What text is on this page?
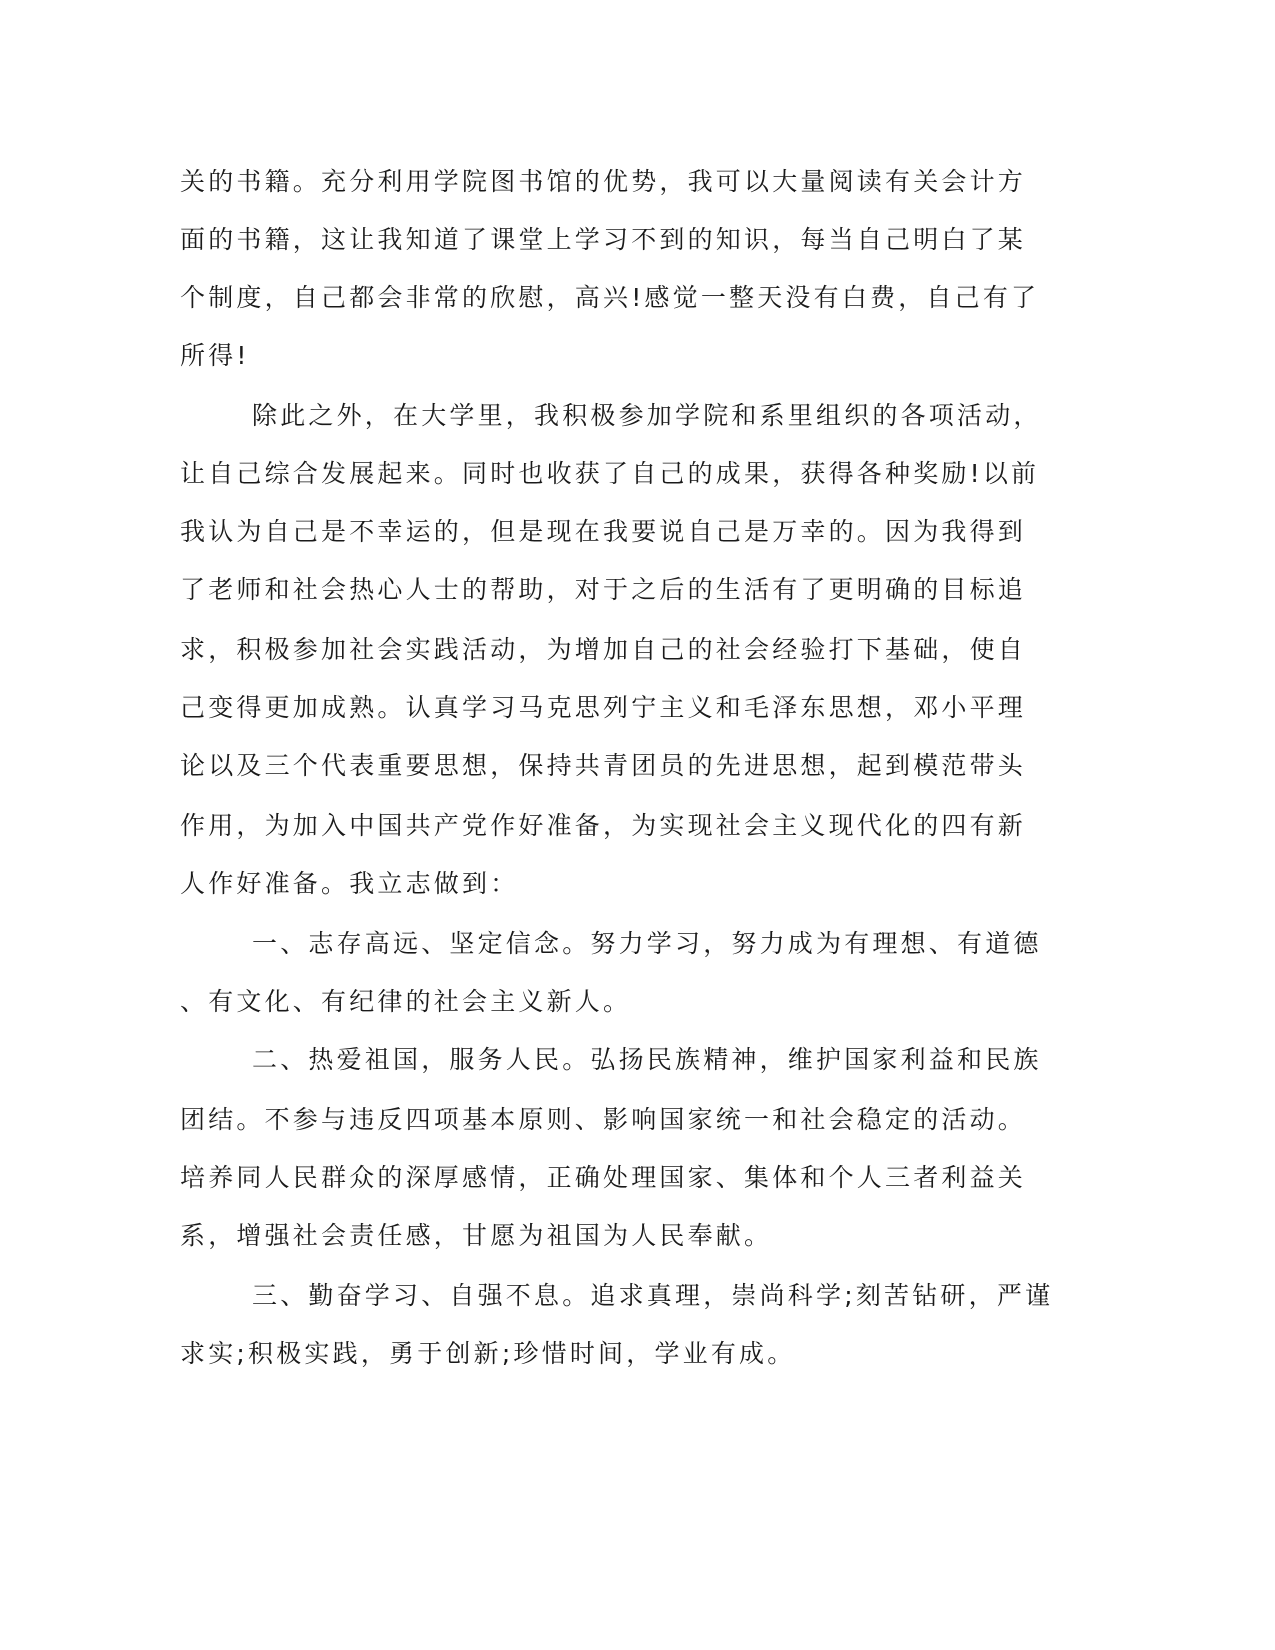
关的书籍。充分利用学院图书馆的优势，我可以大量阅读有关会计方
面的书籍，这让我知道了课堂上学习不到的知识，每当自己明白了某
个制度，自己都会非常的欣慰，高兴!感觉一整天没有白费，自己有了
所得!
除此之外，在大学里，我积极参加学院和系里组织的各项活动，
让自己综合发展起来。同时也收获了自己的成果，获得各种奖励!以前
我认为自己是不幸运的，但是现在我要说自己是万幸的。因为我得到
了老师和社会热心人士的帮助，对于之后的生活有了更明确的目标追
求，积极参加社会实践活动，为增加自己的社会经验打下基础，使自
己变得更加成熟。认真学习马克思列宁主义和毛泽东思想，邓小平理
论以及三个代表重要思想，保持共青团员的先进思想，起到模范带头
作用，为加入中国共产党作好准备，为实现社会主义现代化的四有新
人作好准备。我立志做到：
一、志存高远、坚定信念。努力学习，努力成为有理想、有道德
、有文化、有纪律的社会主义新人。
二、热爱祖国，服务人民。弘扬民族精神，维护国家利益和民族
团结。不参与违反四项基本原则、影响国家统一和社会稳定的活动。
培养同人民群众的深厚感情，正确处理国家、集体和个人三者利益关
系，增强社会责任感，甘愿为祖国为人民奉献。
三、勤奋学习、自强不息。追求真理，崇尚科学;刻苦钻研，严谨
求实;积极实践，勇于创新;珍惜时间，学业有成。
